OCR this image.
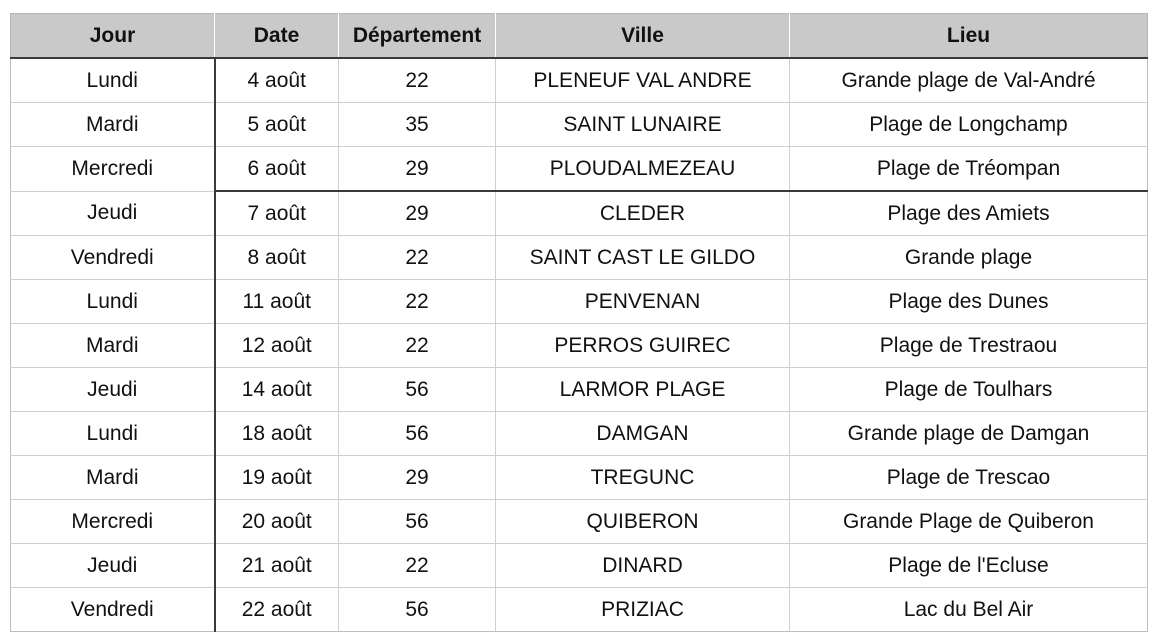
Jour	Date	Département	Ville	Lieu
Lundi	4 août	22	PLENEUF VAL ANDRE	Grande plage de Val-André
Mardi	5 août	35	SAINT LUNAIRE	Plage de Longchamp
Mercredi	6 août	29	PLOUDALMEZEAU	Plage de Tréompan
Jeudi	7 août	29	CLEDER	Plage des Amiets
Vendredi	8 août	22	SAINT CAST LE GILDO	Grande plage
Lundi	11 août	22	PENVENAN	Plage des Dunes
Mardi	12 août	22	PERROS GUIREC	Plage de Trestraou
Jeudi	14 août	56	LARMOR PLAGE	Plage de Toulhars
Lundi	18 août	56	DAMGAN	Grande plage de Damgan
Mardi	19 août	29	TREGUNC	Plage de Trescao
Mercredi	20 août	56	QUIBERON	Grande Plage de Quiberon
Jeudi	21 août	22	DINARD	Plage de l'Ecluse
Vendredi	22 août	56	PRIZIAC	Lac du Bel Air
